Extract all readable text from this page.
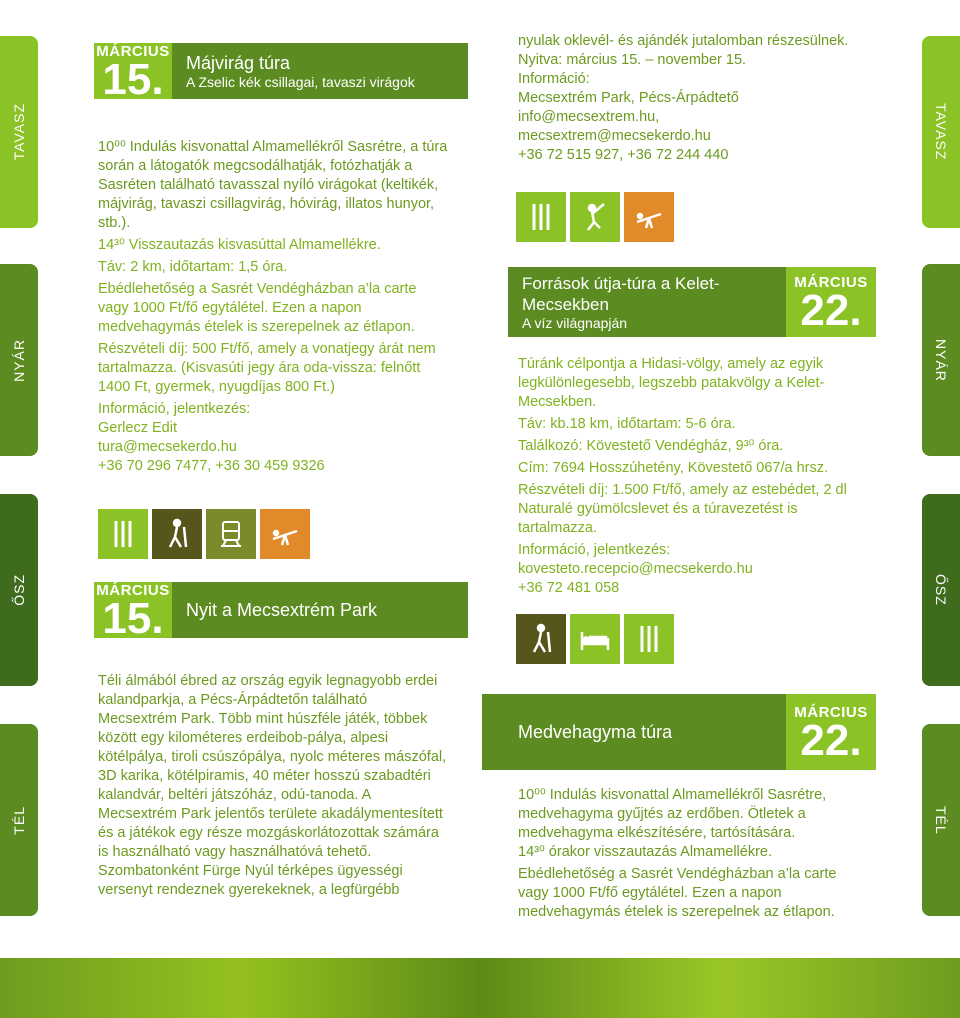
TAVASZ
NYÁR
ŐSZ
TÉL
TAVASZ
NYÁR
ŐSZ
TÉL
MÁRCIUS
15. Májvirág túra
A Zselic kék csillagai, tavaszi virágok

10⁰⁰ Indulás kisvonattal Almamellékről Sasrétre, a túra során a látogatók megcsodálhatják, fotózhatják a Sasréten található tavasszal nyíló virágokat (keltikék, májvirág, tavaszi csillagvirág, hóvirág, illatos hunyor, stb.).

14³⁰ Visszautazás kisvasúttal Almamellékre.

Táv: 2 km, időtartam: 1,5 óra.

Ebédlehetőség a Sasrét Vendégházban a’la carte vagy 1000 Ft/fő egytálétel. Ezen a napon medvehagymás ételek is szerepelnek az étlapon.

Részvételi díj: 500 Ft/fő, amely a vonatjegy árát nem tartalmazza. (Kisvasúti jegy ára oda-vissza: felnőtt 1400 Ft, gyermek, nyugdíjas 800 Ft.)

Információ, jelentkezés:

Gerlecz Edit

tura@mecsekerdo.hu

+36 70 296 7477, +36 30 459 9326

MÁRCIUS
15. Nyit a Mecsextrém Park

Téli álmából ébred az ország egyik legnagyobb erdei kalandparkja, a Pécs-Árpádtetőn található Mecsextrém Park. Több mint húszféle játék, többek között egy kilométeres erdeibob-pálya, alpesi kötélpálya, tiroli csúszópálya, nyolc méteres mászófal, 3D karika, kötélpiramis, 40 méter hosszú szabadtéri kalandvár, beltéri játszóház, odú-tanoda. A Mecsextrém Park jelentős területe akadálymentesített és a játékok egy része mozgáskorlátozottak számára is használható vagy használhatóvá tehető.

Szombatonként Fürge Nyúl térképes ügyességi versenyt rendeznek gyerekeknek, a legfürgébb

nyulak oklevél- és ajándék jutalomban részesülnek.

Nyitva: március 15. – november 15.

Információ:

Mecsextrém Park, Pécs-Árpádtető

info@mecsextrem.hu,

mecsextrem@mecsekerdo.hu

+36 72 515 927, +36 72 244 440

Források útja-túra a Kelet-Mecsekben
A víz világnapján
MÁRCIUS
22.

Túránk célpontja a Hidasi-völgy, amely az egyik legkülönlegesebb, legszebb patakvölgy a Kelet-Mecsekben.

Táv: kb.18 km, időtartam: 5-6 óra.

Találkozó: Kövestető Vendégház, 9³⁰ óra.

Cím: 7694 Hosszúhetény, Kövestető 067/a hrsz.

Részvételi díj: 1.500 Ft/fő, amely az estebédet, 2 dl Naturalé gyümölcslevet és a túravezetést is tartalmazza.

Információ, jelentkezés:

kovesteto.recepcio@mecsekerdo.hu

+36 72 481 058

Medvehagyma túra
MÁRCIUS
22.

10⁰⁰ Indulás kisvonattal Almamellékről Sasrétre, medvehagyma gyűjtés az erdőben. Ötletek a medvehagyma elkészítésére, tartósítására.

14³⁰ órakor visszautazás Almamellékre.

Ebédlehetőség a Sasrét Vendégházban a’la carte vagy 1000 Ft/fő egytálétel. Ezen a napon medvehagymás ételek is szerepelnek az étlapon.
